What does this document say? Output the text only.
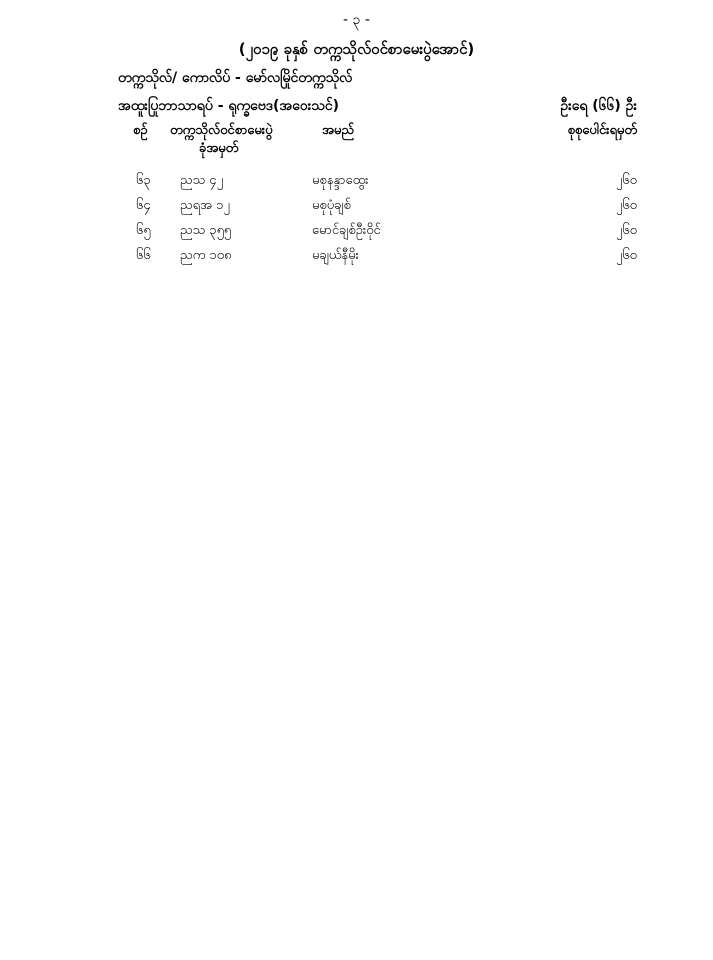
- ၃ -
(၂၀၁၉ ခုနှစ် တက္ကသိုလ်ဝင်စာမေးပွဲအောင်)
တက္ကသိုလ်/ ကောလိပ် - မော်လမြိုင်တက္ကသိုလ်
အထူးပြုဘာသာရပ် - ရုက္ခဗေဒ(အဝေးသင်)	ဦးရေ (၆၆) ဦး
စဉ် တက္ကသိုလ်ဝင်စာမေးပွဲ
ခုံအမှတ်
အမည်	စုစုပေါင်းရမှတ်
၆၃ ညသ ၄၂	မစုနန္ဒာထွေး	၂၆၀
၆၄ ညရအ ၁၂	မစုပုံချစ်	၂၆၀
၆၅ ညသ ၃၅၅	မောင်ချစ်ဦးဝိုင်	၂၆၀
၆၆ ညက ၁၀၈	မချယ်နီမိုး	၂၆၀
